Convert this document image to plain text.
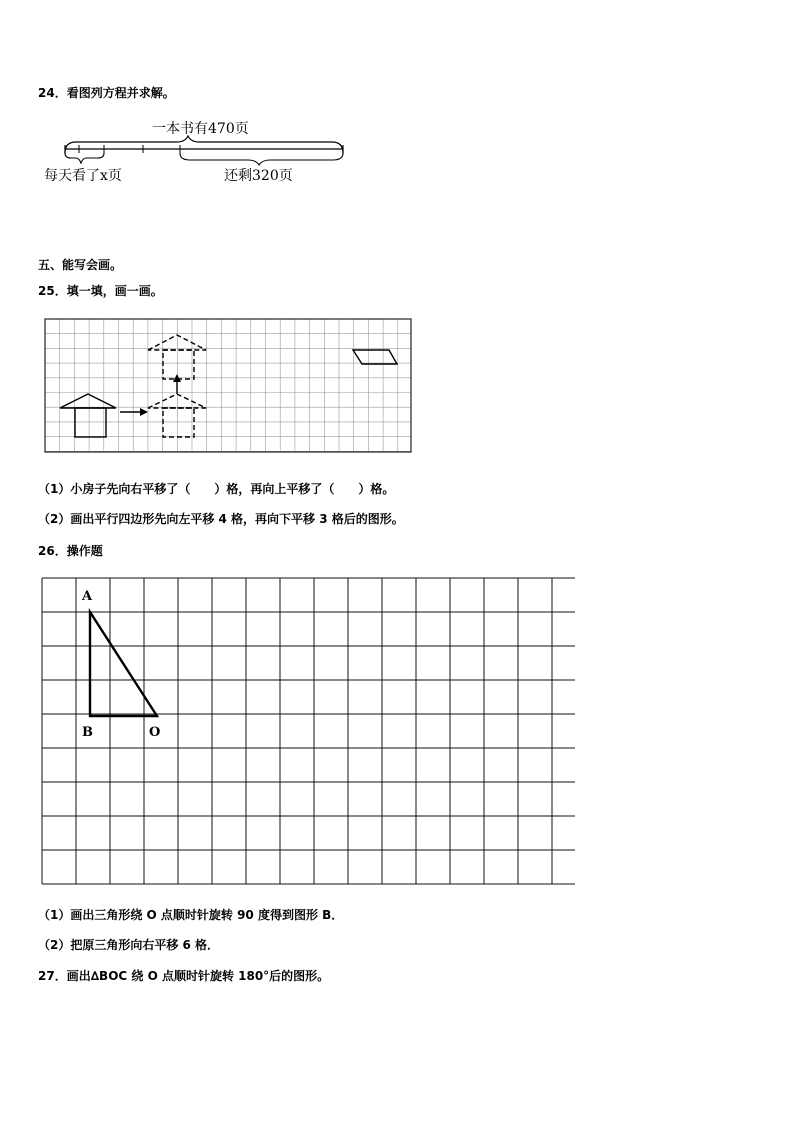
24．看图列方程并求解。
一本书有470页
每天看了x页	还剩320页
五、能写会画。
25．填一填，画一画。
（1）小房子先向右平移了（　　）格，再向上平移了（　　）格。
（2）画出平行四边形先向左平移 4 格，再向下平移 3 格后的图形。
26．操作题
A
B	O
（1）画出三角形绕 O 点顺时针旋转 90 度得到图形 B．
（2）把原三角形向右平移 6 格．
27．画出∆BOC 绕 O 点顺时针旋转 180°后的图形。
